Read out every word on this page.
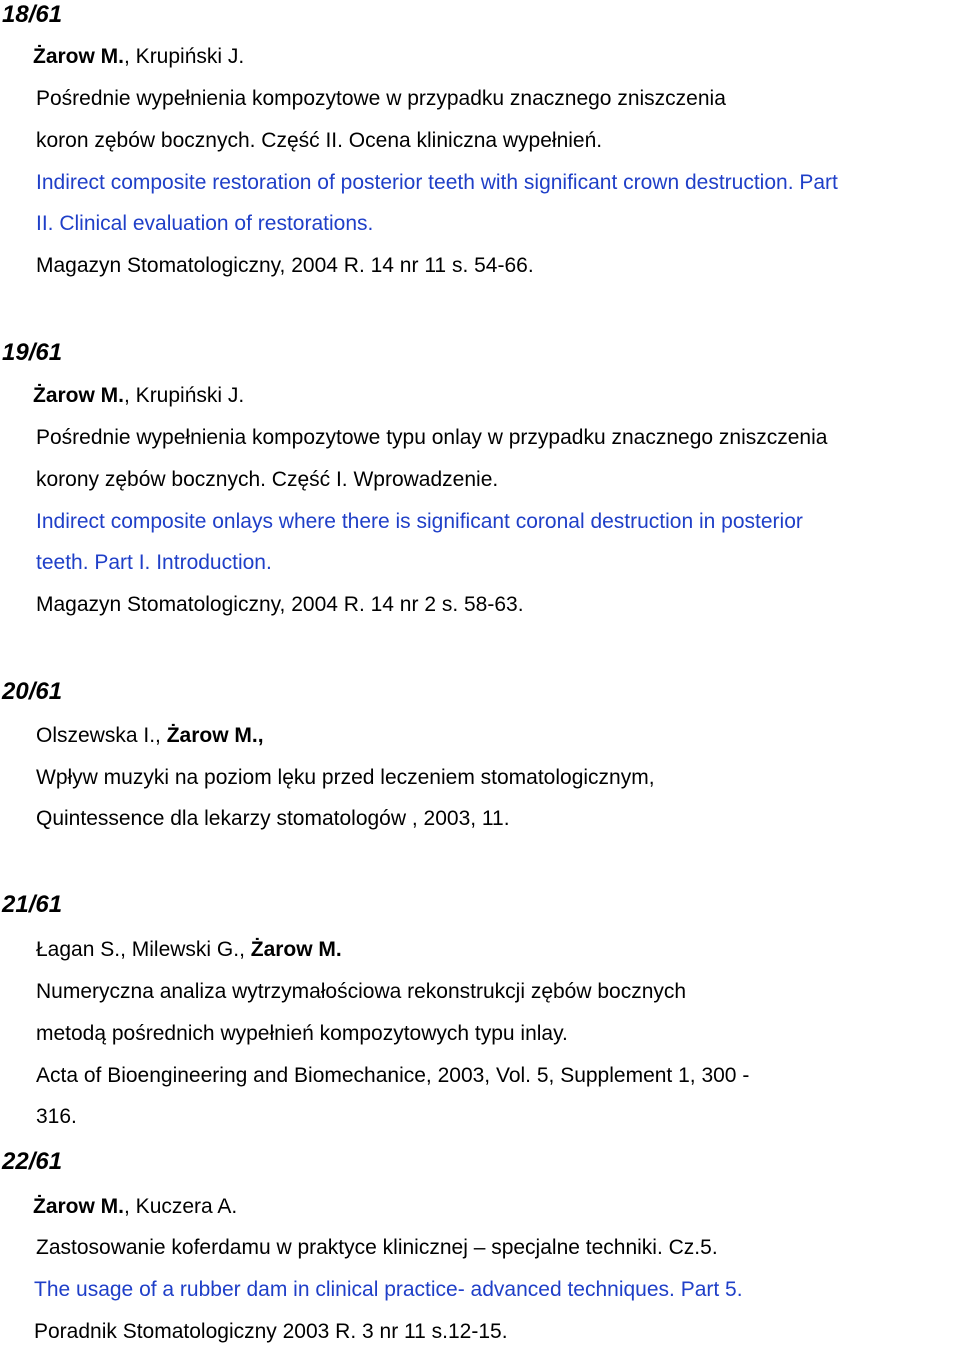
18/61
Żarow M., Krupiński J.
Pośrednie wypełnienia kompozytowe w przypadku znacznego zniszczenia
koron zębów bocznych. Część II. Ocena kliniczna wypełnień.
Indirect composite restoration of posterior teeth with significant crown destruction. Part
II. Clinical evaluation of restorations.
Magazyn Stomatologiczny, 2004 R. 14 nr 11 s. 54-66.
19/61
Żarow M., Krupiński J.
Pośrednie wypełnienia kompozytowe typu onlay w przypadku znacznego zniszczenia
korony zębów bocznych. Część I. Wprowadzenie.
Indirect composite onlays where there is significant coronal destruction in posterior
teeth. Part I. Introduction.
Magazyn Stomatologiczny, 2004 R. 14 nr 2 s. 58-63.
20/61
Olszewska I., Żarow M.,
Wpływ muzyki na poziom lęku przed leczeniem stomatologicznym,
Quintessence dla lekarzy stomatologów , 2003, 11.
21/61
Łagan S., Milewski G., Żarow M.
Numeryczna analiza wytrzymałościowa rekonstrukcji zębów bocznych
metodą pośrednich wypełnień kompozytowych typu inlay.
Acta of Bioengineering and Biomechanice, 2003, Vol. 5, Supplement 1, 300 -
316.
22/61
Żarow M., Kuczera A.
Zastosowanie koferdamu w praktyce klinicznej – specjalne techniki. Cz.5.
The usage of a rubber dam in clinical practice- advanced techniques. Part 5.
Poradnik Stomatologiczny 2003 R. 3 nr 11 s.12-15.
